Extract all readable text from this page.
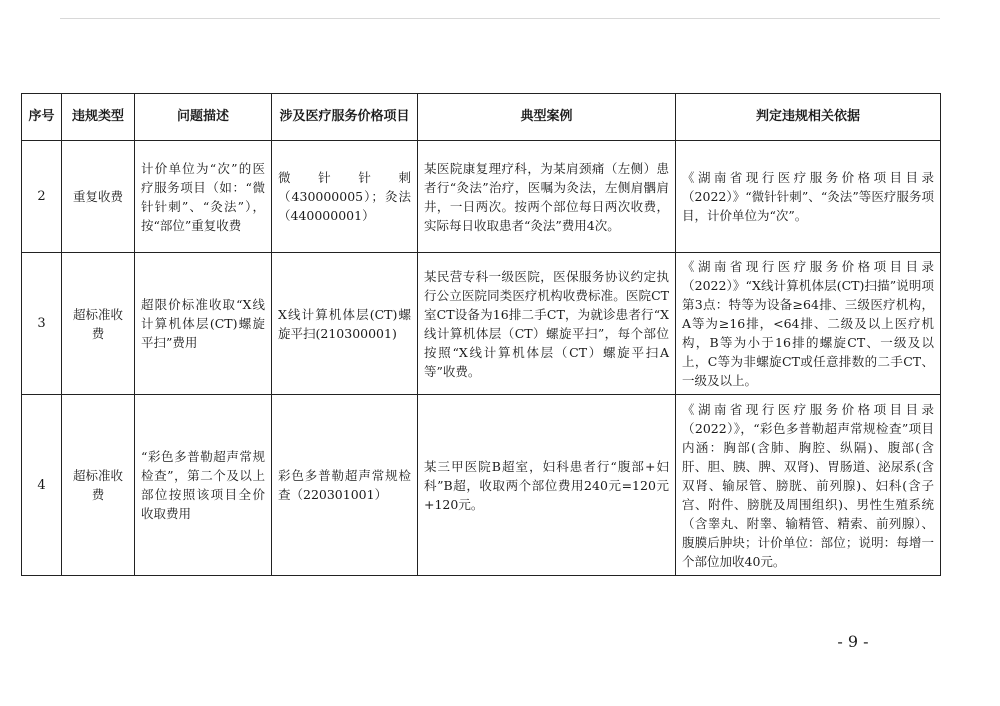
序号	违规类型	问题描述	涉及医疗服务价格项目	典型案例	判定违规相关依据
2	重复收费	计价单位为“次”的医疗服务项目（如：“微针针刺”、“灸法”），按“部位”重复收费	微针针刺（430000005）；灸法（440000001）	某医院康复理疗科，为某肩颈痛（左侧）患者行“灸法”治疗，医嘱为灸法，左侧肩髃肩井，一日两次。按两个部位每日两次收费，实际每日收取患者“灸法”费用4次。	《湖南省现行医疗服务价格项目目录（2022）》“微针针刺”、“灸法”等医疗服务项目，计价单位为“次”。
3	超标准收费	超限价标准收取“X线计算机体层(CT)螺旋平扫”费用	X线计算机体层(CT)螺旋平扫(210300001)	某民营专科一级医院，医保服务协议约定执行公立医院同类医疗机构收费标准。医院CT室CT设备为16排二手CT，为就诊患者行“X线计算机体层（CT）螺旋平扫”，每个部位按照“X线计算机体层（CT）螺旋平扫A等”收费。	《湖南省现行医疗服务价格项目目录（2022）》“X线计算机体层(CT)扫描”说明项第3点：特等为设备≥64排、三级医疗机构，A等为≥16排，<64排、二级及以上医疗机构，B等为小于16排的螺旋CT、一级及以上，C等为非螺旋CT或任意排数的二手CT、一级及以上。
4	超标准收费	“彩色多普勒超声常规检查”，第二个及以上部位按照该项目全价收取费用	彩色多普勒超声常规检查（220301001）	某三甲医院B超室，妇科患者行“腹部+妇科”B超，收取两个部位费用240元=120元+120元。	《湖南省现行医疗服务价格项目目录（2022）》，“彩色多普勒超声常规检查”项目内涵：胸部(含肺、胸腔、纵隔)、腹部(含肝、胆、胰、脾、双肾)、胃肠道、泌尿系(含双肾、输尿管、膀胱、前列腺)、妇科(含子宫、附件、膀胱及周围组织)、男性生殖系统（含睾丸、附睾、输精管、精索、前列腺）、腹膜后肿块；计价单位：部位；说明：每增一个部位加收40元。
- 9 -
